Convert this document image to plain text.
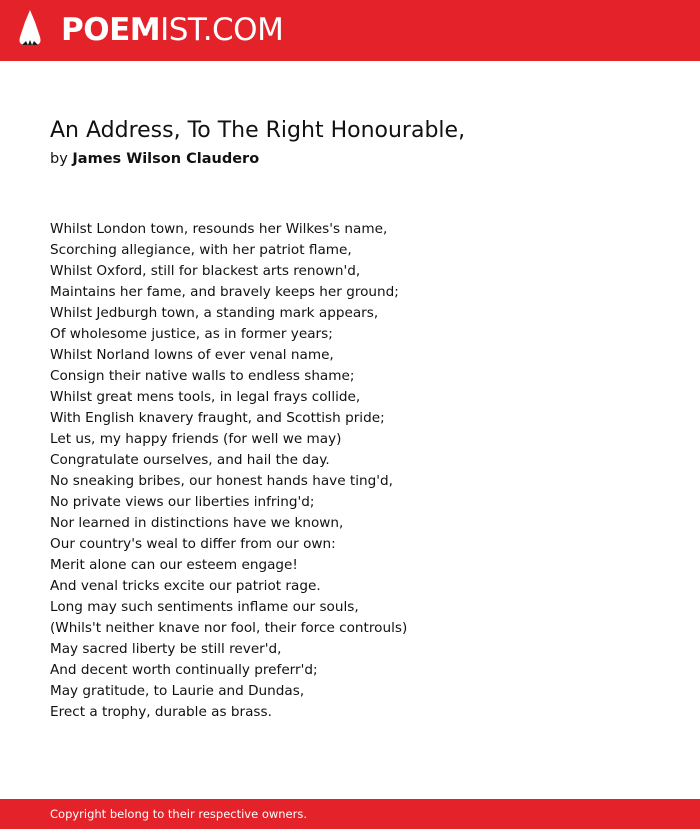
POEMIST.COM
An Address, To The Right Honourable,
by James Wilson Claudero
Whilst London town, resounds her Wilkes's name,
Scorching allegiance, with her patriot flame,
Whilst Oxford, still for blackest arts renown'd,
Maintains her fame, and bravely keeps her ground;
Whilst Jedburgh town, a standing mark appears,
Of wholesome justice, as in former years;
Whilst Norland lowns of ever venal name,
Consign their native walls to endless shame;
Whilst great mens tools, in legal frays collide,
With English knavery fraught, and Scottish pride;
Let us, my happy friends (for well we may)
Congratulate ourselves, and hail the day.
No sneaking bribes, our honest hands have ting'd,
No private views our liberties infring'd;
Nor learned in distinctions have we known,
Our country's weal to differ from our own:
Merit alone can our esteem engage!
And venal tricks excite our patriot rage.
Long may such sentiments inflame our souls,
(Whils't neither knave nor fool, their force controuls)
May sacred liberty be still rever'd,
And decent worth continually preferr'd;
May gratitude, to Laurie and Dundas,
Erect a trophy, durable as brass.
Copyright belong to their respective owners.
